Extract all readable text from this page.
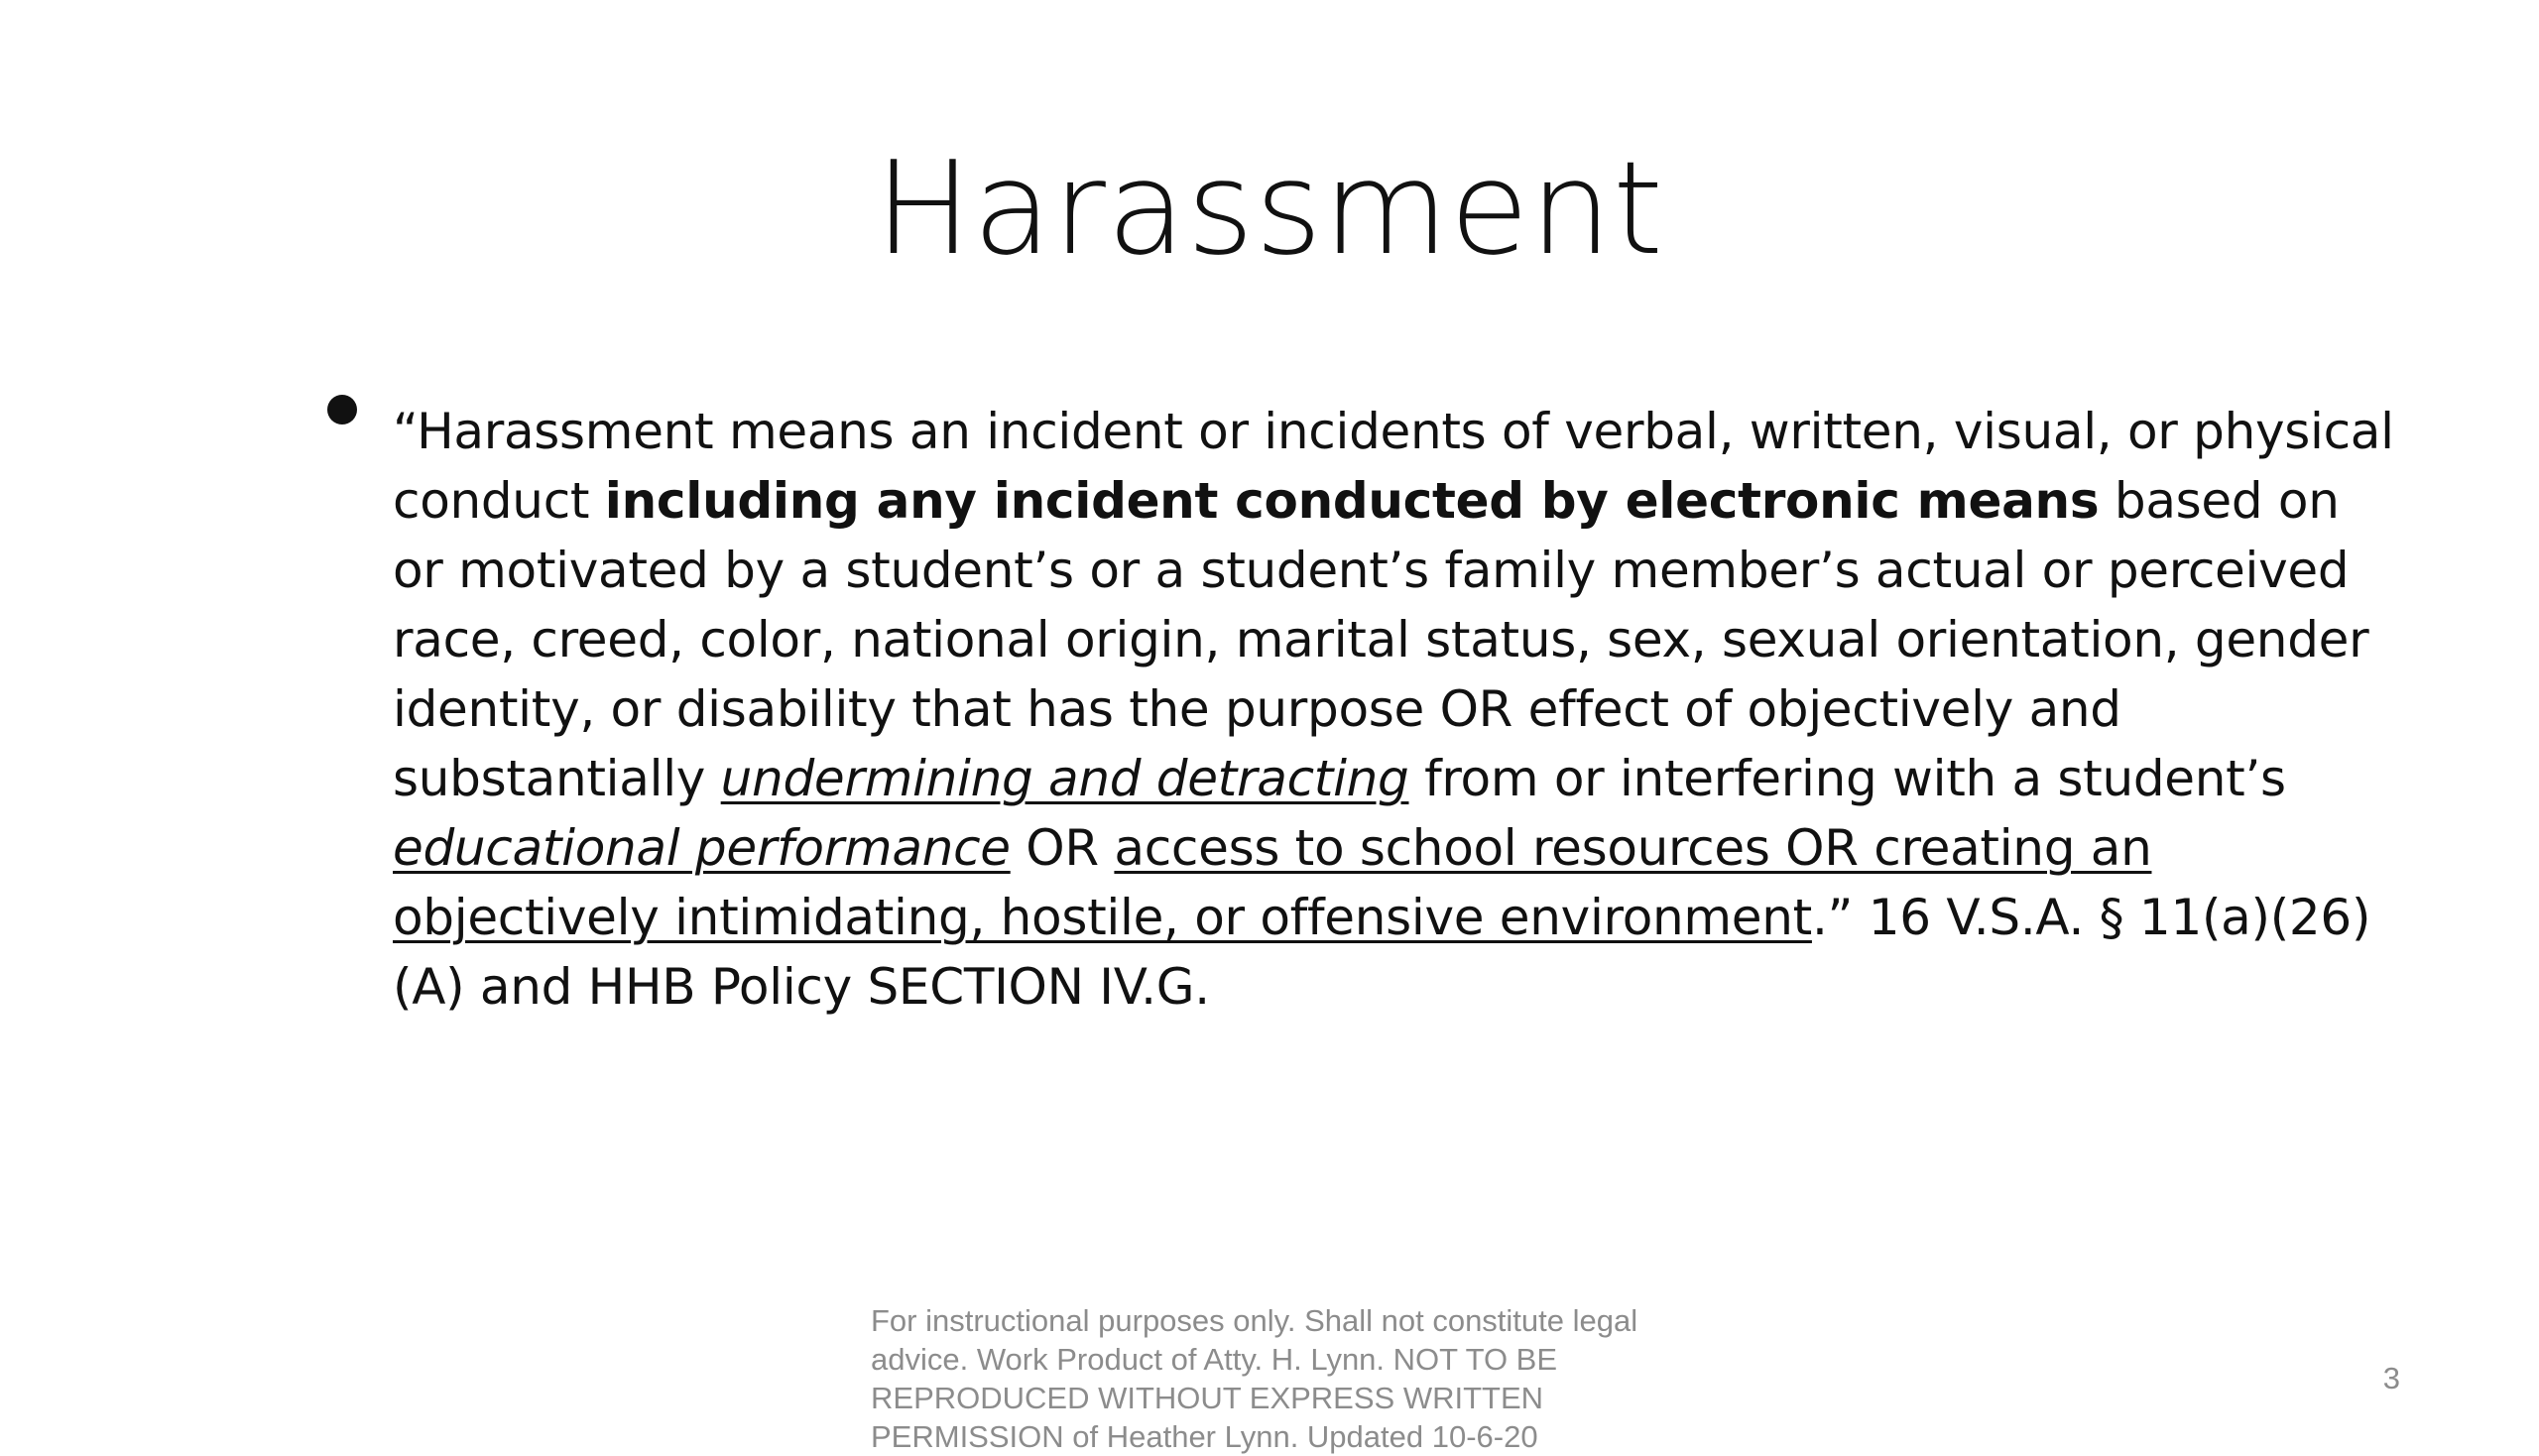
Harassment
“Harassment means an incident or incidents of verbal, written, visual, or physical conduct including any incident conducted by electronic means based on or motivated by a student’s or a student’s family member’s actual or perceived race, creed, color, national origin, marital status, sex, sexual orientation, gender identity, or disability that has the purpose OR effect of objectively and substantially undermining and detracting from or interfering with a student’s educational performance OR access to school resources OR creating an objectively intimidating, hostile, or offensive environment.” 16 V.S.A. § 11(a)(26)(A) and HHB Policy SECTION IV.G.
For instructional purposes only. Shall not constitute legal advice. Work Product of Atty. H. Lynn. NOT TO BE REPRODUCED WITHOUT EXPRESS WRITTEN PERMISSION of Heather Lynn. Updated 10-6-20
3
